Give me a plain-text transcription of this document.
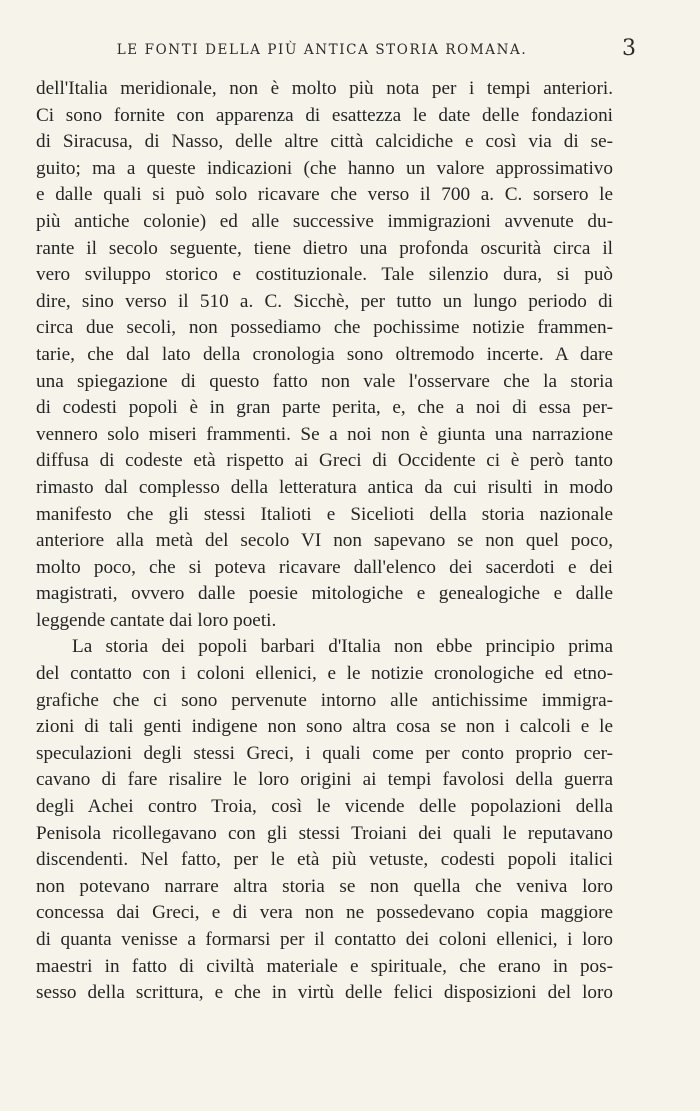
LE FONTI DELLA PIÙ ANTICA STORIA ROMANA.	3
dell'Italia meridionale, non è molto più nota per i tempi anteriori.
Ci sono fornite con apparenza di esattezza le date delle fondazioni
di Siracusa, di Nasso, delle altre città calcidiche e così via di se-
guito; ma a queste indicazioni (che hanno un valore approssimativo
e dalle quali si può solo ricavare che verso il 700 a. C. sorsero le
più antiche colonie) ed alle successive immigrazioni avvenute du-
rante il secolo seguente, tiene dietro una profonda oscurità circa il
vero sviluppo storico e costituzionale. Tale silenzio dura, si può
dire, sino verso il 510 a. C. Sicchè, per tutto un lungo periodo di
circa due secoli, non possediamo che pochissime notizie frammen-
tarie, che dal lato della cronologia sono oltremodo incerte. A dare
una spiegazione di questo fatto non vale l'osservare che la storia
di codesti popoli è in gran parte perita, e, che a noi di essa per-
vennero solo miseri frammenti. Se a noi non è giunta una narrazione
diffusa di codeste età rispetto ai Greci di Occidente ci è però tanto
rimasto dal complesso della letteratura antica da cui risulti in modo
manifesto che gli stessi Italioti e Sicelioti della storia nazionale
anteriore alla metà del secolo VI non sapevano se non quel poco,
molto poco, che si poteva ricavare dall'elenco dei sacerdoti e dei
magistrati, ovvero dalle poesie mitologiche e genealogiche e dalle
leggende cantate dai loro poeti.
La storia dei popoli barbari d'Italia non ebbe principio prima
del contatto con i coloni ellenici, e le notizie cronologiche ed etno-
grafiche che ci sono pervenute intorno alle antichissime immigra-
zioni di tali genti indigene non sono altra cosa se non i calcoli e le
speculazioni degli stessi Greci, i quali come per conto proprio cer-
cavano di fare risalire le loro origini ai tempi favolosi della guerra
degli Achei contro Troia, così le vicende delle popolazioni della
Penisola ricollegavano con gli stessi Troiani dei quali le reputavano
discendenti. Nel fatto, per le età più vetuste, codesti popoli italici
non potevano narrare altra storia se non quella che veniva loro
concessa dai Greci, e di vera non ne possedevano copia maggiore
di quanta venisse a formarsi per il contatto dei coloni ellenici, i loro
maestri in fatto di civiltà materiale e spirituale, che erano in pos-
sesso della scrittura, e che in virtù delle felici disposizioni del loro
